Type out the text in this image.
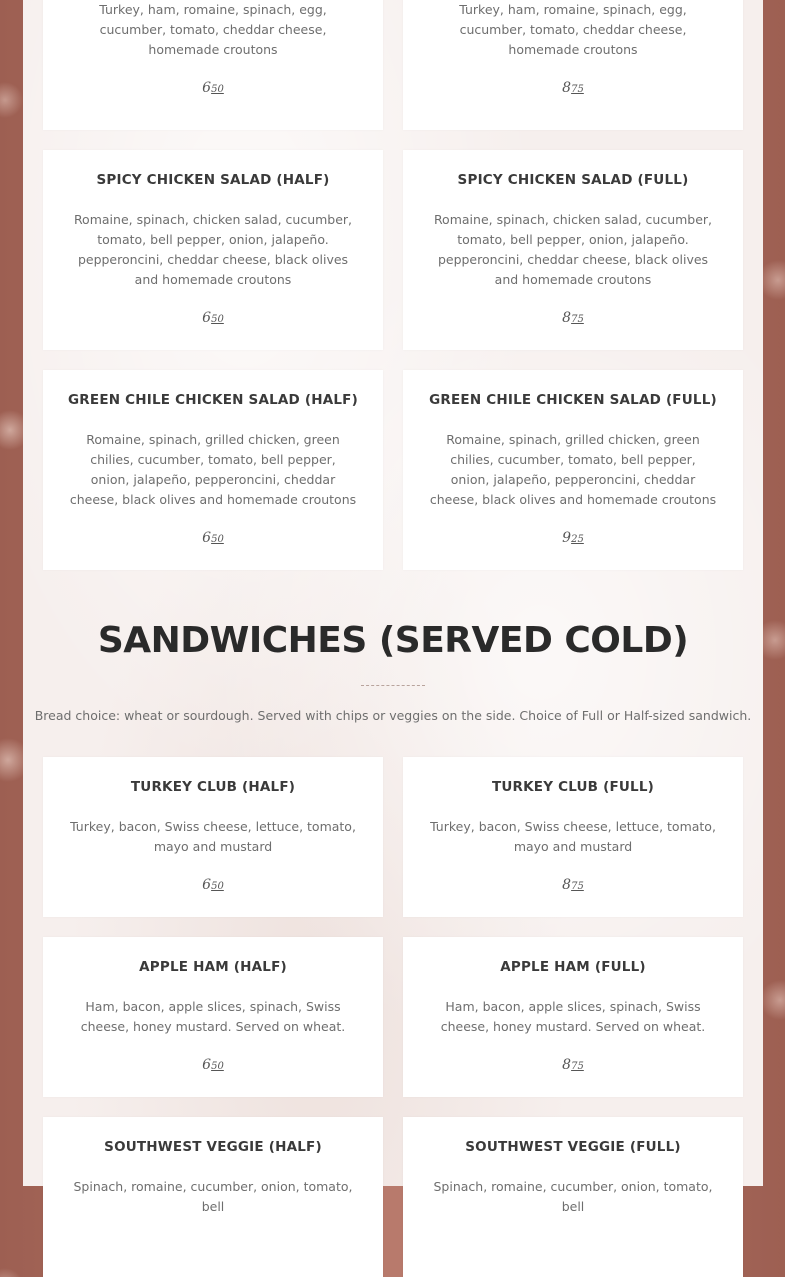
Turkey, ham, romaine, spinach, egg, cucumber, tomato, cheddar cheese, homemade croutons
650
Turkey, ham, romaine, spinach, egg, cucumber, tomato, cheddar cheese, homemade croutons
875
SPICY CHICKEN SALAD (HALF)
Romaine, spinach, chicken salad, cucumber, tomato, bell pepper, onion, jalapeño. pepperoncini, cheddar cheese, black olives and homemade croutons
650
SPICY CHICKEN SALAD (FULL)
Romaine, spinach, chicken salad, cucumber, tomato, bell pepper, onion, jalapeño. pepperoncini, cheddar cheese, black olives and homemade croutons
875
GREEN CHILE CHICKEN SALAD (HALF)
Romaine, spinach, grilled chicken, green chilies, cucumber, tomato, bell pepper, onion, jalapeño, pepperoncini, cheddar cheese, black olives and homemade croutons
650
GREEN CHILE CHICKEN SALAD (FULL)
Romaine, spinach, grilled chicken, green chilies, cucumber, tomato, bell pepper, onion, jalapeño, pepperoncini, cheddar cheese, black olives and homemade croutons
925
SANDWICHES (SERVED COLD)

Bread choice: wheat or sourdough. Served with chips or veggies on the side. Choice of Full or Half-sized sandwich.

TURKEY CLUB (HALF)
Turkey, bacon, Swiss cheese, lettuce, tomato, mayo and mustard
650
TURKEY CLUB (FULL)
Turkey, bacon, Swiss cheese, lettuce, tomato, mayo and mustard
875
APPLE HAM (HALF)
Ham, bacon, apple slices, spinach, Swiss cheese, honey mustard. Served on wheat.
650
APPLE HAM (FULL)
Ham, bacon, apple slices, spinach, Swiss cheese, honey mustard. Served on wheat.
875
SOUTHWEST VEGGIE (HALF)
Spinach, romaine, cucumber, onion, tomato, bell
SOUTHWEST VEGGIE (FULL)
Spinach, romaine, cucumber, onion, tomato, bell
